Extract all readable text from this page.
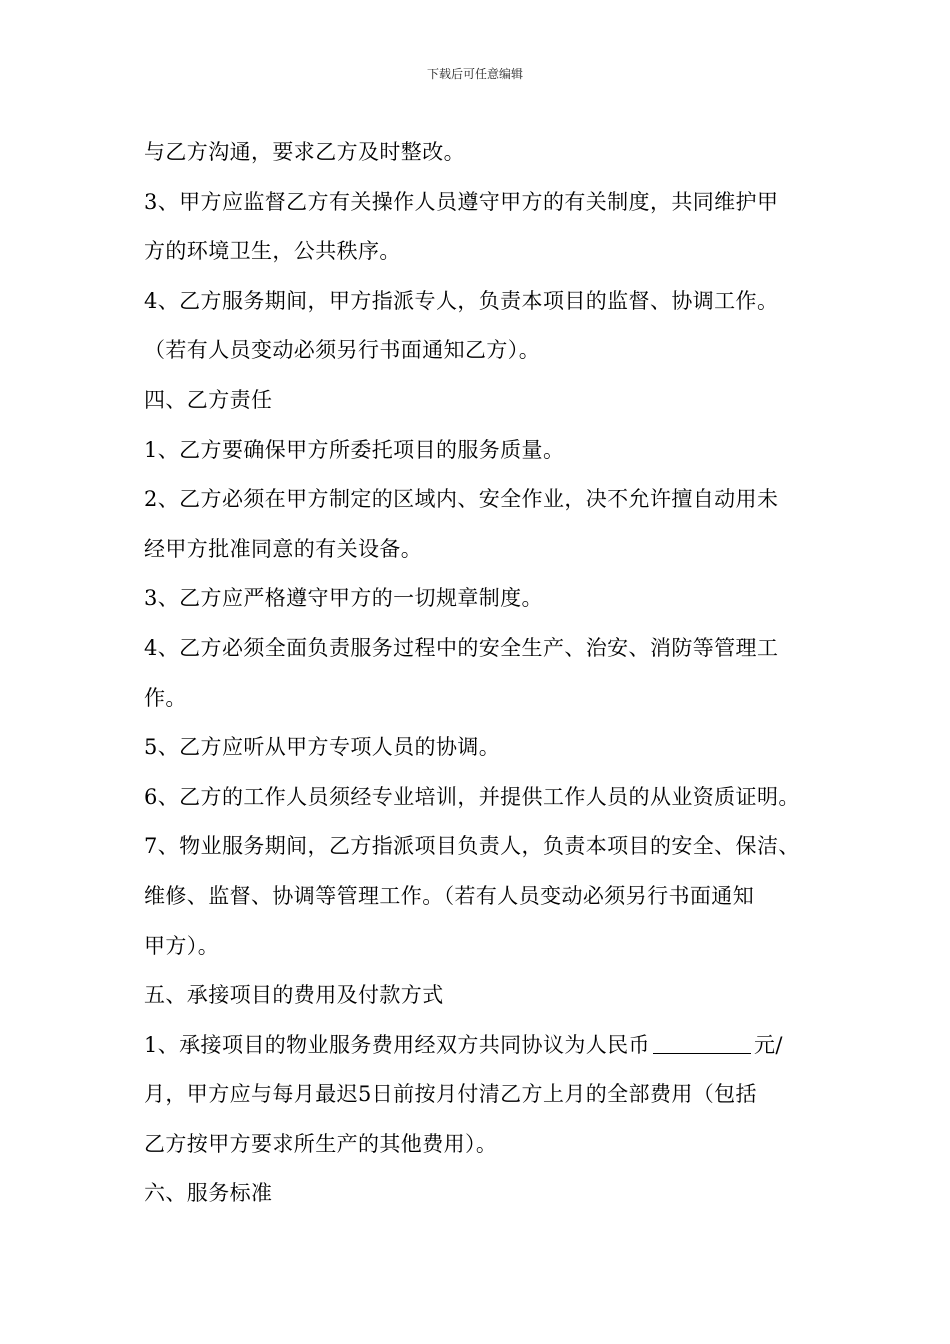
下载后可任意编辑
与乙方沟通，要求乙方及时整改。
3、甲方应监督乙方有关操作人员遵守甲方的有关制度，共同维护甲
方的环境卫生，公共秩序。
4、乙方服务期间，甲方指派专人，负责本项目的监督、协调工作。
（若有人员变动必须另行书面通知乙方）。
四、乙方责任
1、乙方要确保甲方所委托项目的服务质量。
2、乙方必须在甲方制定的区域内、安全作业，决不允许擅自动用未
经甲方批准同意的有关设备。
3、乙方应严格遵守甲方的一切规章制度。
4、乙方必须全面负责服务过程中的安全生产、治安、消防等管理工
作。
5、乙方应听从甲方专项人员的协调。
6、乙方的工作人员须经专业培训，并提供工作人员的从业资质证明。
7、物业服务期间，乙方指派项目负责人，负责本项目的安全、保洁、
维修、监督、协调等管理工作。（若有人员变动必须另行书面通知
甲方）。
五、承接项目的费用及付款方式
1、承接项目的物业服务费用经双方共同协议为人民币	元/
月，甲方应与每月最迟5日前按月付清乙方上月的全部费用（包括
乙方按甲方要求所生产的其他费用）。
六、服务标准
